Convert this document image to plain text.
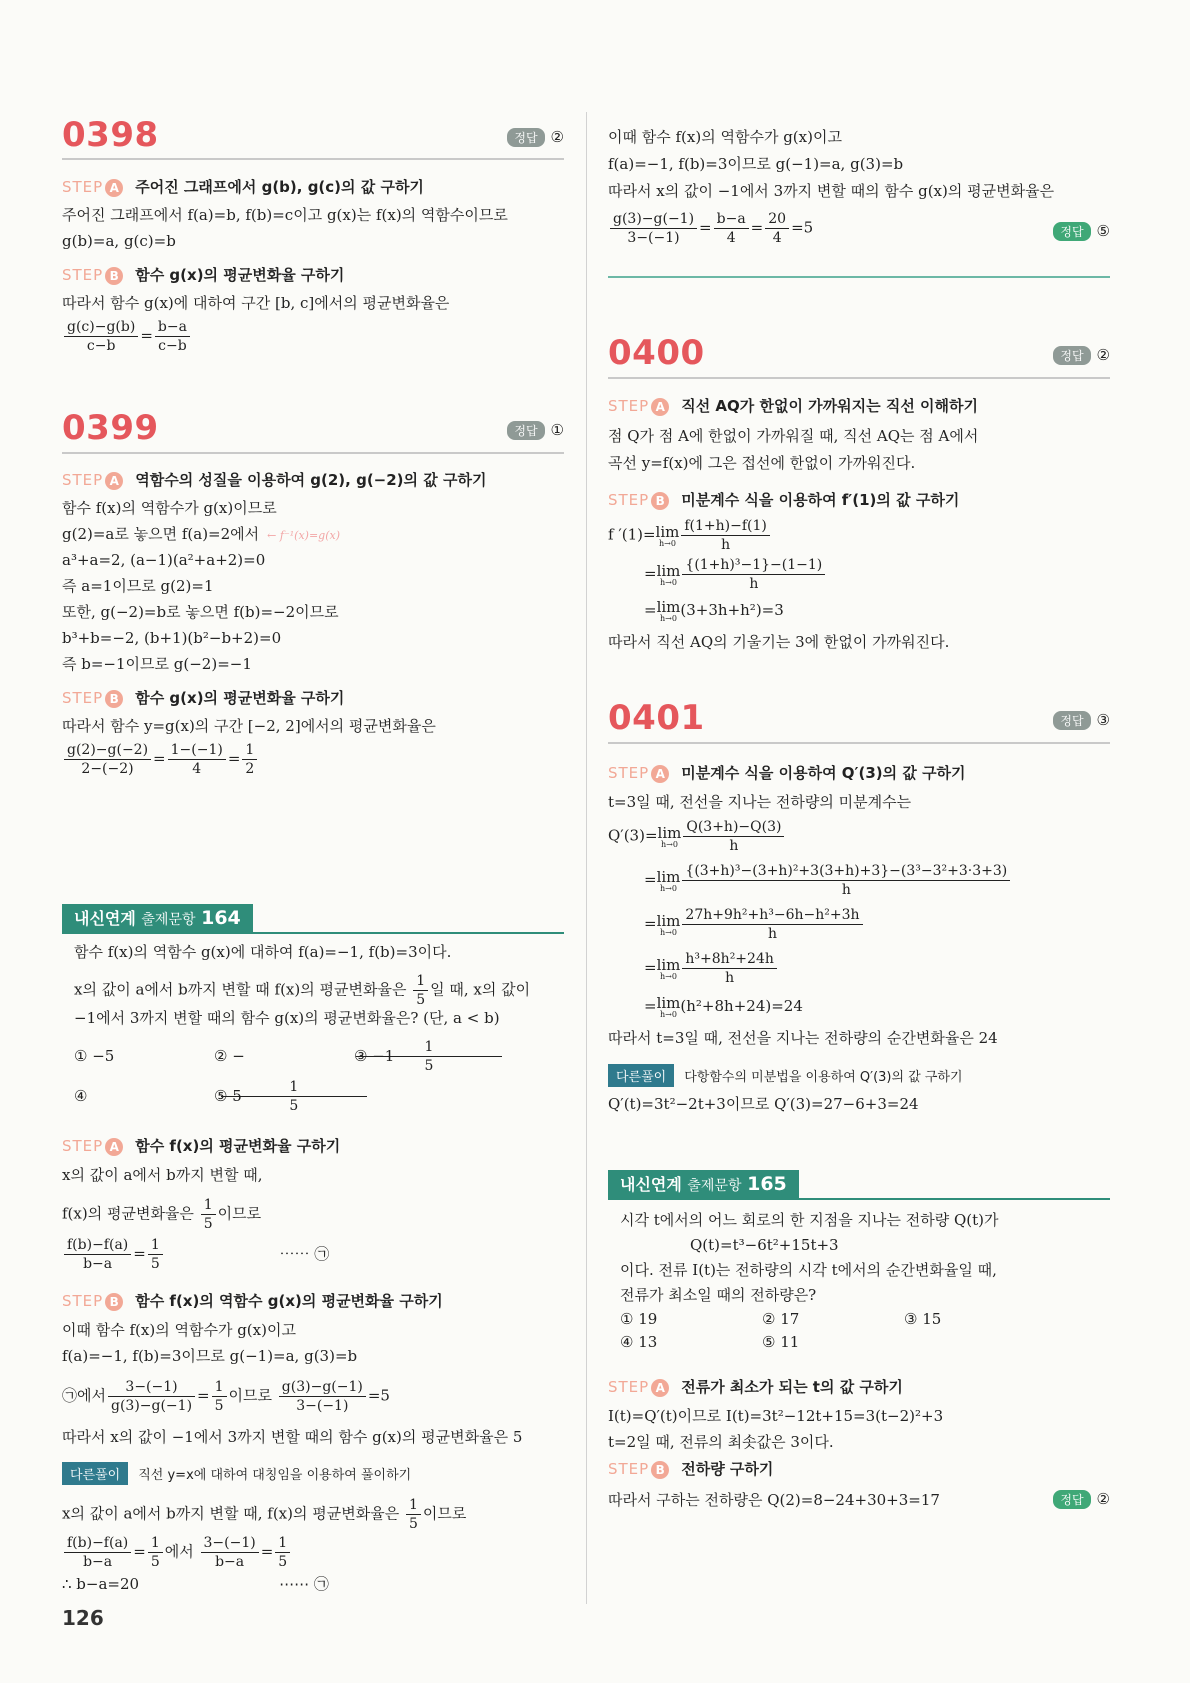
0398	정답 ②
STEP A 주어진 그래프에서 g(b), g(c)의 값 구하기
주어진 그래프에서 f(a)=b, f(b)=c이고 g(x)는 f(x)의 역함수이므로
g(b)=a, g(c)=b
STEP B 함수 g(x)의 평균변화율 구하기
따라서 함수 g(x)에 대하여 구간 [b, c]에서의 평균변화율은
$\frac{g(c)-g(b)}{c-b} = \frac{b-a}{c-b}$
0399	정답 ①
STEP A 역함수의 성질을 이용하여 g(2), g(−2)의 값 구하기
함수 f(x)의 역함수가 g(x)이므로
g(2)=a로 놓으면 f(a)=2에서 ← f⁻¹(x)=g(x)
a³+a=2, (a−1)(a²+a+2)=0
즉 a=1이므로 g(2)=1
또한, g(−2)=b로 놓으면 f(b)=−2이므로
b³+b=−2, (b+1)(b²−b+2)=0
즉 b=−1이므로 g(−2)=−1
STEP B 함수 g(x)의 평균변화율 구하기
따라서 함수 y=g(x)의 구간 [−2, 2]에서의 평균변화율은
$\frac{g(2)-g(-2)}{2-(-2)} = \frac{1-(-1)}{4} = \frac{1}{2}$
내신연계 출제문항 164
함수 f(x)의 역함수 g(x)에 대하여 f(a)=−1, f(b)=3이다.
x의 값이 a에서 b까지 변할 때 f(x)의 평균변화율은 $\frac{1}{5}$ 일 때, x의 값이
−1에서 3까지 변할 때의 함수 g(x)의 평균변화율은? (단, a < b)
① −5	② −	$\frac{1}{5}$
③ −1
④	$\frac{1}{5}$
⑤ 5
STEP A 함수 f(x)의 평균변화율 구하기
x의 값이 a에서 b까지 변할 때,
f(x)의 평균변화율은 $\frac{1}{5}$ 이므로
$\frac{f(b)-f(a)}{b-a} = \frac{1}{5}$	⋯⋯ ㉠
STEP B 함수 f(x)의 역함수 g(x)의 평균변화율 구하기
이때 함수 f(x)의 역함수가 g(x)이고
f(a)=−1, f(b)=3이므로 g(−1)=a, g(3)=b
㉠에서 $\frac{3-(-1)}{g(3)-g(-1)} = \frac{1}{5}$ 이므로 $\frac{g(3)-g(-1)}{3-(-1)} =5$
따라서 x의 값이 −1에서 3까지 변할 때의 함수 g(x)의 평균변화율은 5
다른풀이 직선 y=x에 대하여 대칭임을 이용하여 풀이하기
x의 값이 a에서 b까지 변할 때, f(x)의 평균변화율은 $\frac{1}{5}$ 이므로
$\frac{f(b)-f(a)}{b-a} = \frac{1}{5}$ 에서 $\frac{3-(-1)}{b-a} = \frac{1}{5}$
∴ b−a=20	⋯⋯ ㉠
이때 함수 f(x)의 역함수가 g(x)이고
f(a)=−1, f(b)=3이므로 g(−1)=a, g(3)=b
따라서 x의 값이 −1에서 3까지 변할 때의 함수 g(x)의 평균변화율은
$\frac{g(3)-g(-1)}{3-(-1)} = \frac{b-a}{4} = \frac{20}{4} =5$	정답 ⑤
0400	정답 ②
STEP A 직선 AQ가 한없이 가까워지는 직선 이해하기
점 Q가 점 A에 한없이 가까워질 때, 직선 AQ는 점 A에서
곡선 y=f(x)에 그은 접선에 한없이 가까워진다.
STEP B 미분계수 식을 이용하여 f′(1)의 값 구하기
f ′(1)=lim
$h\to 0 \frac{f(1+h)-f(1)}{h}$
=lim
$h\to 0 \frac{\text{\{(1+h)³−1\}−(1−1)}}{h}$
=lim
h→0 (3+3h+h²)=3
따라서 직선 AQ의 기울기는 3에 한없이 가까워진다.
0401	정답 ③
STEP A 미분계수 식을 이용하여 Q′(3)의 값 구하기
t=3일 때, 전선을 지나는 전하량의 미분계수는
Q′(3)=lim
$h\to 0 \frac{Q(3+h)-Q(3)}{h}$
=lim
$h\to 0 \frac{\text{\{(3+h)³−(3+h)²+3(3+h)+3\}−(3³−3²+3·3+3)}}{h}$
=lim
$h\to 0 \frac{\text{27h+9h²+h³−6h−h²+3h}}{h}$
=lim
$h\to 0 \frac{\text{h³+8h²+24h}}{h}$
=lim
h→0 (h²+8h+24)=24
따라서 t=3일 때, 전선을 지나는 전하량의 순간변화율은 24
다른풀이 다항함수의 미분법을 이용하여 Q′(3)의 값 구하기
Q′(t)=3t²−2t+3이므로 Q′(3)=27−6+3=24
내신연계 출제문항 165
시각 t에서의 어느 회로의 한 지점을 지나는 전하량 Q(t)가
Q(t)=t³−6t²+15t+3
이다. 전류 I(t)는 전하량의 시각 t에서의 순간변화율일 때,
전류가 최소일 때의 전하량은?
① 19	② 17	③ 15
④ 13	⑤ 11
STEP A 전류가 최소가 되는 t의 값 구하기
I(t)=Q′(t)이므로 I(t)=3t²−12t+15=3(t−2)²+3
t=2일 때, 전류의 최솟값은 3이다.
STEP B 전하량 구하기
따라서 구하는 전하량은 Q(2)=8−24+30+3=17	정답 ②
126
